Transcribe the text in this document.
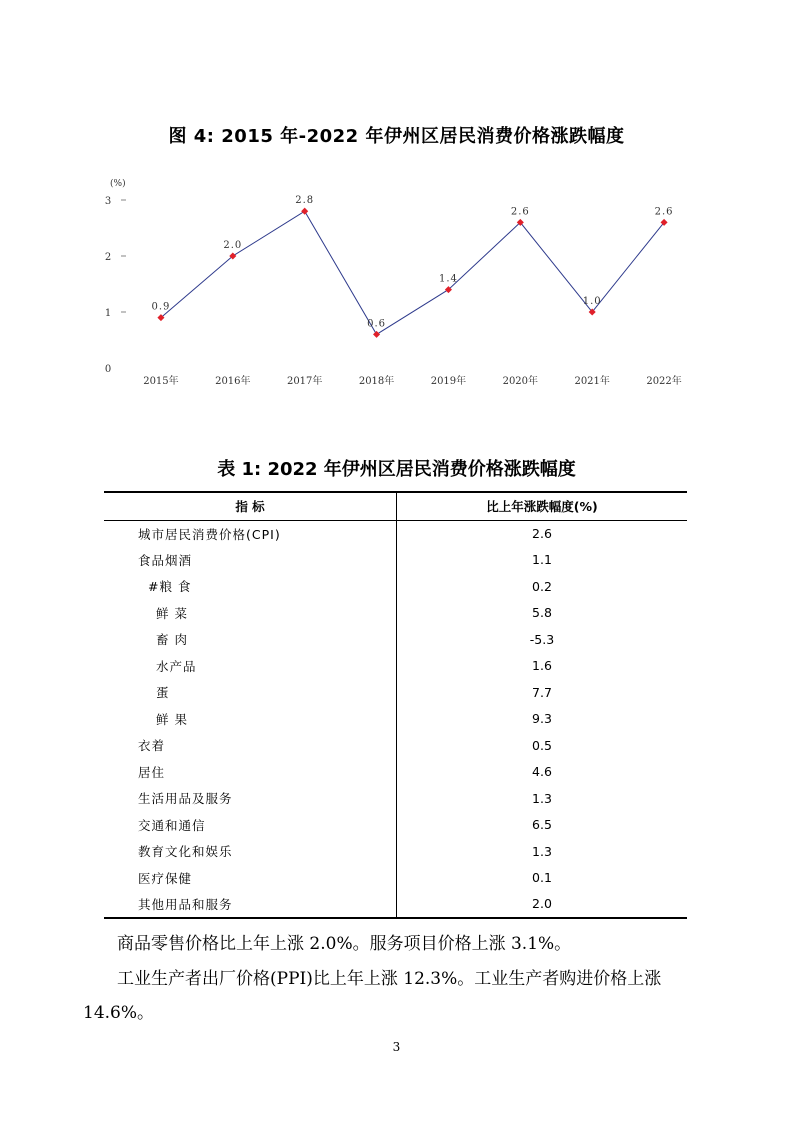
图 4: 2015 年-2022 年伊州区居民消费价格涨跌幅度
(%)
0
1
2
3
2015年	2016年	2017年	2018年	2019年	2020年	2021年	2022年
0.9
2.0
2.8
0.6
1.4
2.6
1.0
2.6
表 1: 2022 年伊州区居民消费价格涨跌幅度
指 标	比上年涨跌幅度(%)
城市居民消费价格(CPI)	2.6
食品烟酒	1.1
#粮 食	0.2
鲜 菜	5.8
畜 肉	-5.3
水产品	1.6
蛋	7.7
鲜 果	9.3
衣着	0.5
居住	4.6
生活用品及服务	1.3
交通和通信	6.5
教育文化和娱乐	1.3
医疗保健	0.1
其他用品和服务	2.0
商品零售价格比上年上涨 2.0%。服务项目价格上涨 3.1%。
工业生产者出厂价格(PPI)比上年上涨 12.3%。工业生产者购进价格上涨 14.6%。
3
